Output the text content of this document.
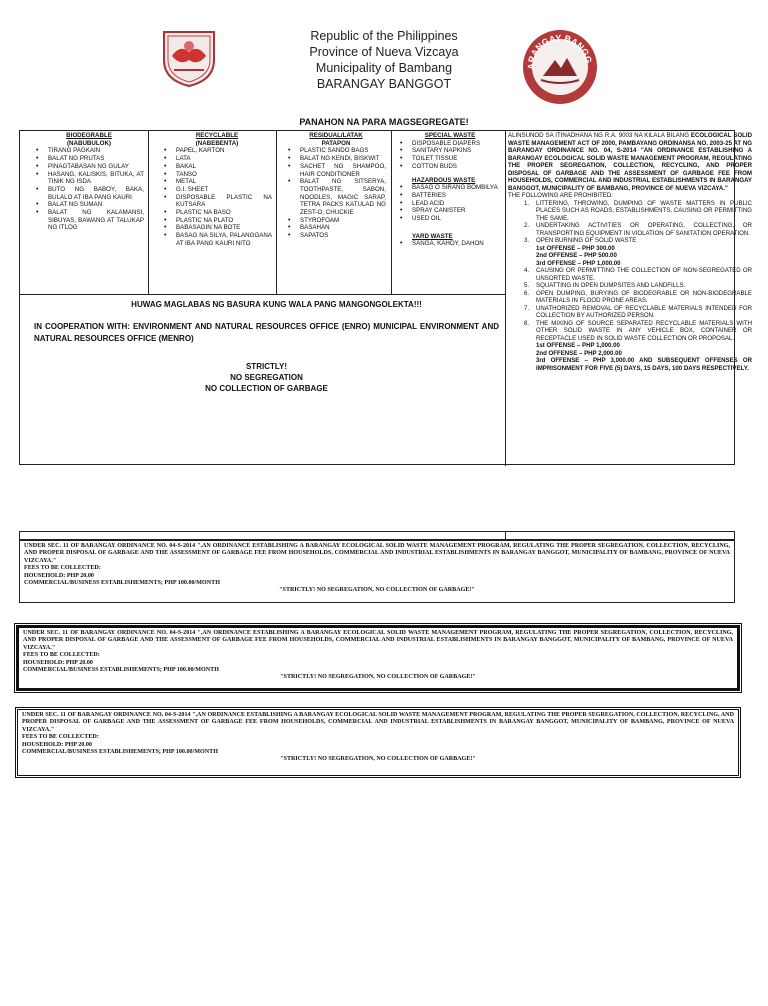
Republic of the Philippines
Province of Nueva Vizcaya
Municipality of Bambang
BARANGAY BANGGOT
ARANGAY BANGG
PANAHON NA PARA MAGSEGREGATE!
BIODEGRABLE
(NABUBULOK)
• TIRANG PAGKAIN
• BALAT NG PRUTAS
• PINAGTABASAN NG GULAY
• HASANG, KALISKIS, BITUKA, AT TINIK NG ISDA
• BUTO NG BABOY, BAKA, BULALO AT IBA PANG KAURI
• BALAT NG SUMAN
• BALAT NG KALAMANSI, SIBUYAS, BAWANG AT TALUKAP NG ITLOG
RECYCLABLE
(NABEBENTA)
• PAPEL, KARTON
• LATA
• BAKAL
• TANSO
• METAL
• G.I. SHEET
• DISPOSABLE PLASTIC NA KUTSARA
• PLASTIC NA BASO
• PLASTIC NA PLATO
• BABASAGIN NA BOTE
• BASAG NA SILYA, PALANGGANA AT IBA PANG KAURI NITO
RESIDUAL/LATAK
PATAPON
• PLASTIC SANDO BAGS
• BALAT NG KENDI, BISKWIT
• SACHET NG SHAMPOO, HAIR CONDITIONER
• BALAT NG SITSERYA, TOOTHPASTE, SABON, NOODLES, MAGIC SARAP, TETRA PACKS KATULAD NG ZEST-O, CHUCKIE
• STYROFOAM
• BASAHAN
• SAPATOS
SPECIAL WASTE
• DISPOSABLE DIAPERS
• SANITARY NAPKINS
• TOILET TISSUE
• COTTON BUDS
HAZARDOUS WASTE
• BASAG O SIRANG BOMBILYA
• BATTERIES
• LEAD ACID
• SPRAY CANISTER
• USED OIL
YARD WASTE
• SANGA, KAHOY, DAHON
ALINSUNOD SA ITINADHANA NG R.A. 9003 NA KILALA BILANG ECOLOGICAL SOLID WASTE MANAGEMENT ACT OF 2000, PAMBAYANG ORDINANSA NO. 2003-25 AT NG BARANGAY ORDINANCE NO. 04, S-2014 "AN ORDINANCE ESTABLISHING A BARANGAY ECOLOGICAL SOLID WASTE MANAGEMENT PROGRAM, REGULATING THE PROPER SEGREGATION, COLLECTION, RECYCLING, AND PROPER DISPOSAL OF GARBAGE AND THE ASSESSMENT OF GARBAGE FEE FROM HOUSEHOLDS, COMMERCIAL AND INDUSTRIAL ESTABLISHMENTS IN BARANGAY BANGGOT, MUNICIPALITY OF BAMBANG, PROVINCE OF NUEVA VIZCAYA."
THE FOLLOWING ARE PROHIBITED:
1. LITTERING, THROWING, DUMPING OF WASTE MATTERS IN PUBLIC PLACES SUCH AS ROADS, ESTABLISHMENTS, CAUSING OR PERMITTING THE SAME.
2. UNDERTAKING ACTIVITIES OR OPERATING, COLLECTING, OR TRANSPORTING EQUIPMENT IN VIOLATION OF SANITATION OPERATION.
3. OPEN BURNING OF SOLID WASTE
1st OFFENSE – PHP 300.00
2nd OFFENSE – PHP 500.00
3rd OFFENSE – PHP 1,000.00
4. CAUSING OR PERMITTING THE COLLECTION OF NON-SEGREGATED OR UNSORTED WASTE.
5. SQUATTING IN OPEN DUMPSITES AND LANDFILLS.
6. OPEN DUMPING, BURYING OF BIODEGRABLE OR NON-BIODEGRABLE MATERIALS IN FLOOD PRONE AREAS.
7. UNATHORIZED REMOVAL OF RECYCLABLE MATERIALS INTENDED FOR COLLECTION BY AUTHORIZED PERSON.
8. THE MIXING OF SOURCE SEPARATED RECYCLABLE MATERIALS WITH OTHER SOLID WASTE IN ANY VEHICLE BOX, CONTAINER OR RECEPTACLE USED IN SOLID WASTE COLLECTION OR PROPOSAL.
1st OFFENSE – PHP 1,000.00
2nd OFFENSE – PHP 2,000.00
3rd OFFENSE – PHP 3,000.00 AND SUBSEQUENT OFFENSES OR IMPRISONMENT FOR FIVE (5) DAYS, 15 DAYS, 100 DAYS RESPECTIVELY.
HUWAG MAGLABAS NG BASURA KUNG WALA PANG MANGONGOLEKTA!!!
IN COOPERATION WITH: ENVIRONMENT AND NATURAL RESOURCES OFFICE (ENRO) MUNICIPAL ENVIRONMENT AND NATURAL RESOURCES OFFICE (MENRO)
STRICTLY!
NO SEGREGATION
NO COLLECTION OF GARBAGE
UNDER SEC. 11 OF BARANGAY ORDINANCE NO. 04-S-2014 ",AN ORDINANCE ESTABLISHING A BARANGAY ECOLOGICAL SOLID WASTE MANAGEMENT PROGRAM, REGULATING THE PROPER SEGREGATION, COLLECTION, RECYCLING, AND PROPER DISPOSAL OF GARBAGE AND THE ASSESSMENT OF GARBAGE FEE FROM HOUSEHOLDS, COMMERCIAL AND INDUSTRIAL ESTABLISHMENTS IN BARANGAY BANGGOT, MUNICIPALITY OF BAMBANG, PROVINCE OF NUEVA VIZCAYA."
FEES TO BE COLLECTED:
HOUSEHOLD: PHP 20.00
COMMERCIAL/BUSINESS ESTABLISHEMENTS; PHP 100.00/MONTH
"STRICTLY! NO SEGREGATION, NO COLLECTION OF GARBAGE!"
UNDER SEC. 11 OF BARANGAY ORDINANCE NO. 04-S-2014 ",AN ORDINANCE ESTABLISHING A BARANGAY ECOLOGICAL SOLID WASTE MANAGEMENT PROGRAM, REGULATING THE PROPER SEGREGATION, COLLECTION, RECYCLING, AND PROPER DISPOSAL OF GARBAGE AND THE ASSESSMENT OF GARBAGE FEE FROM HOUSEHOLDS, COMMERCIAL AND INDUSTRIAL ESTABLISHMENTS IN BARANGAY BANGGOT, MUNICIPALITY OF BAMBANG, PROVINCE OF NUEVA VIZCAYA."
FEES TO BE COLLECTED:
HOUSEHOLD: PHP 20.00
COMMERCIAL/BUSINESS ESTABLISHEMENTS; PHP 100.00/MONTH
"STRICTLY! NO SEGREGATION, NO COLLECTION OF GARBAGE!"
UNDER SEC. 11 OF BARANGAY ORDINANCE NO. 04-S-2014 ",AN ORDINANCE ESTABLISHING A BARANGAY ECOLOGICAL SOLID WASTE MANAGEMENT PROGRAM, REGULATING THE PROPER SEGREGATION, COLLECTION, RECYCLING, AND PROPER DISPOSAL OF GARBAGE AND THE ASSESSMENT OF GARBAGE FEE FROM HOUSEHOLDS, COMMERCIAL AND INDUSTRIAL ESTABLISHMENTS IN BARANGAY BANGGOT, MUNICIPALITY OF BAMBANG, PROVINCE OF NUEVA VIZCAYA."
FEES TO BE COLLECTED:
HOUSEHOLD: PHP 20.00
COMMERCIAL/BUSINESS ESTABLISHEMENTS; PHP 100.00/MONTH
"STRICTLY! NO SEGREGATION, NO COLLECTION OF GARBAGE!"
